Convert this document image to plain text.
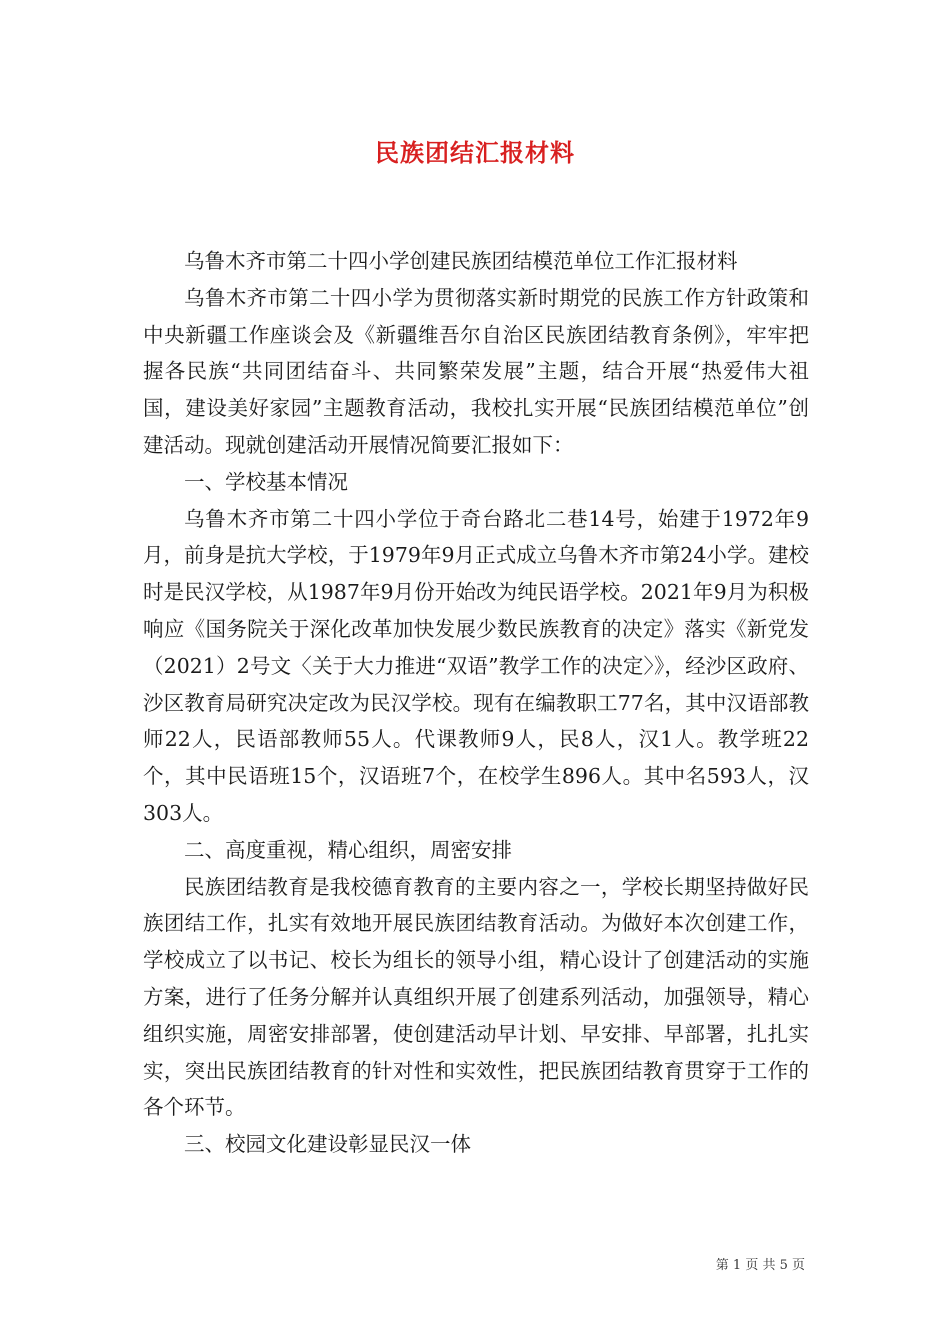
民族团结汇报材料

乌鲁木齐市第二十四小学创建民族团结模范单位工作汇报材料

乌鲁木齐市第二十四小学为贯彻落实新时期党的民族工作方针政策和中央新疆工作座谈会及《新疆维吾尔自治区民族团结教育条例》，牢牢把握各民族“共同团结奋斗、共同繁荣发展”主题，结合开展“热爱伟大祖国，建设美好家园”主题教育活动，我校扎实开展“民族团结模范单位”创建活动。现就创建活动开展情况简要汇报如下：

一、学校基本情况

乌鲁木齐市第二十四小学位于奇台路北二巷14号，始建于1972年9月，前身是抗大学校，于1979年9月正式成立乌鲁木齐市第24小学。建校时是民汉学校，从1987年9月份开始改为纯民语学校。2021年9月为积极响应《国务院关于深化改革加快发展少数民族教育的决定》落实《新党发（2021）2号文〈关于大力推进“双语”教学工作的决定〉》，经沙区政府、沙区教育局研究决定改为民汉学校。现有在编教职工77名，其中汉语部教师22人，民语部教师55人。代课教师9人，民8人，汉1人。教学班22个，其中民语班15个，汉语班7个，在校学生896人。其中名593人，汉303人。

二、高度重视，精心组织，周密安排

民族团结教育是我校德育教育的主要内容之一，学校长期坚持做好民族团结工作，扎实有效地开展民族团结教育活动。为做好本次创建工作，学校成立了以书记、校长为组长的领导小组，精心设计了创建活动的实施方案，进行了任务分解并认真组织开展了创建系列活动，加强领导，精心组织实施，周密安排部署，使创建活动早计划、早安排、早部署，扎扎实实，突出民族团结教育的针对性和实效性，把民族团结教育贯穿于工作的各个环节。

三、校园文化建设彰显民汉一体

第 1 页 共 5 页
